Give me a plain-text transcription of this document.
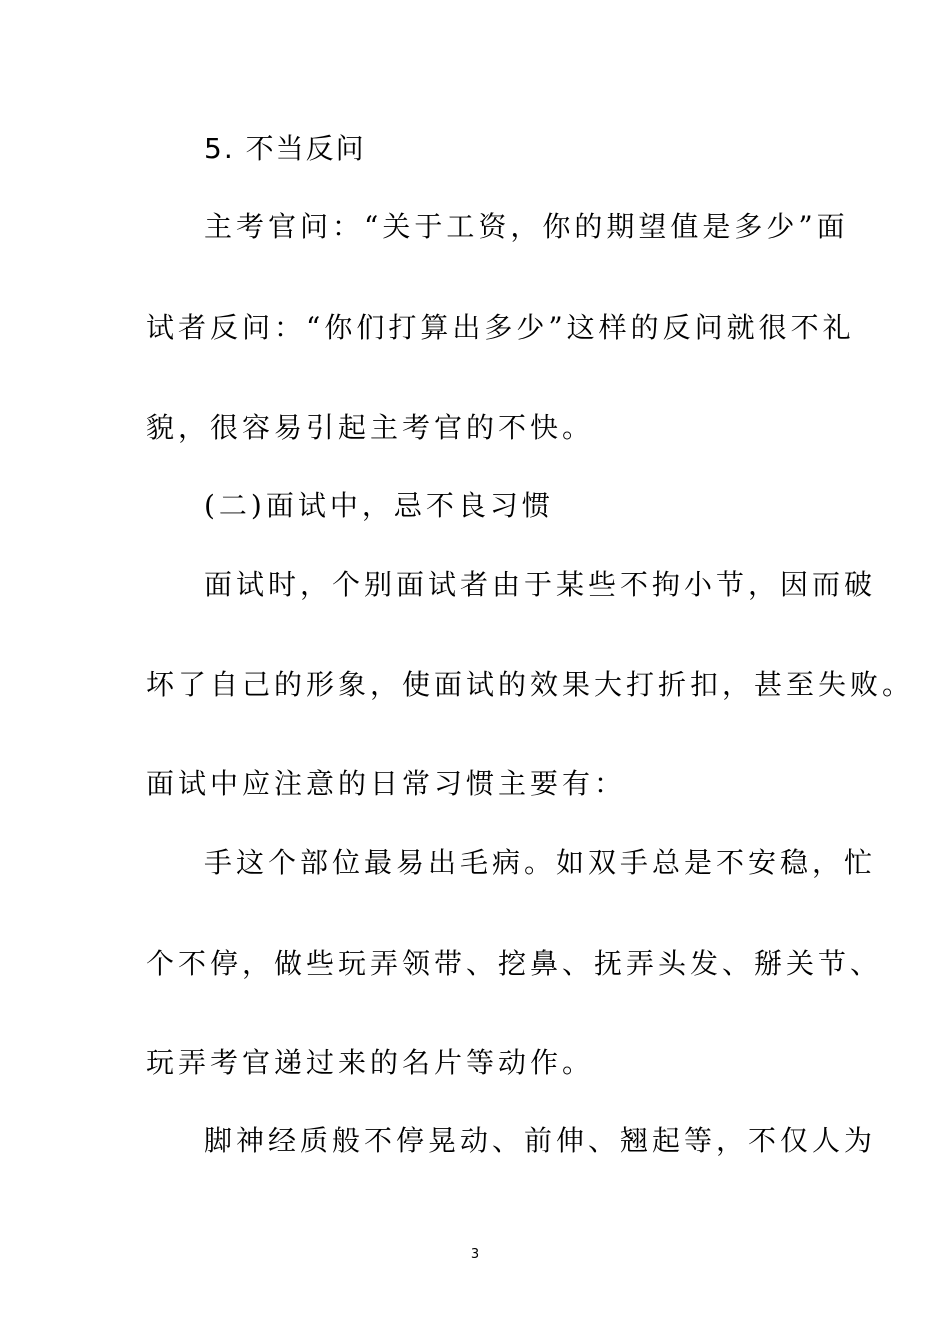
5. 不当反问
主考官问：“关于工资，你的期望值是多少”面
试者反问：“你们打算出多少”这样的反问就很不礼
貌，很容易引起主考官的不快。
(二)面试中，忌不良习惯
面试时，个别面试者由于某些不拘小节，因而破
坏了自己的形象，使面试的效果大打折扣，甚至失败。
面试中应注意的日常习惯主要有：
手这个部位最易出毛病。如双手总是不安稳，忙
个不停，做些玩弄领带、挖鼻、抚弄头发、掰关节、
玩弄考官递过来的名片等动作。
脚神经质般不停晃动、前伸、翘起等，不仅人为
3
